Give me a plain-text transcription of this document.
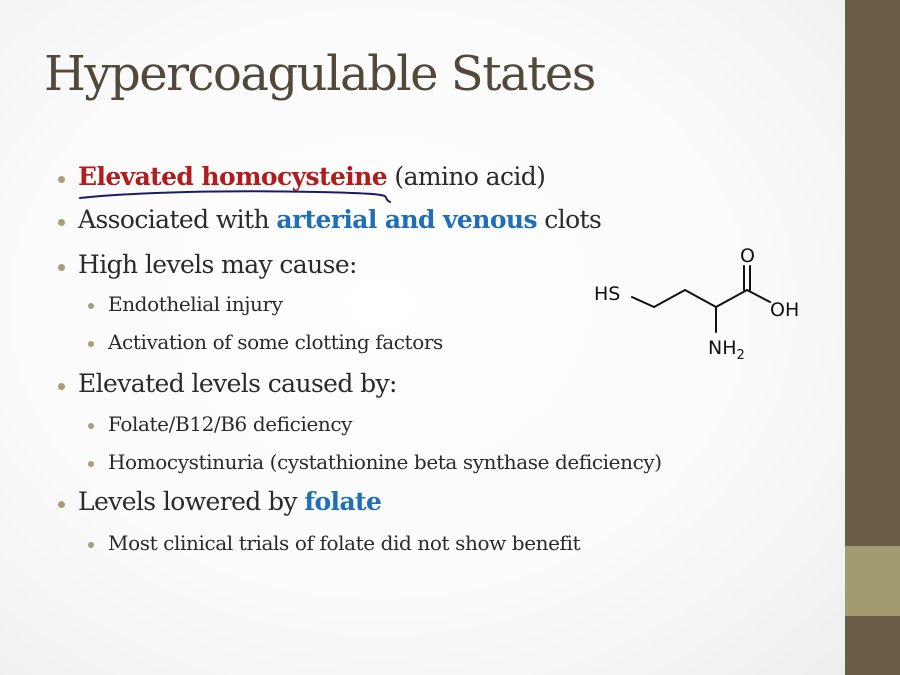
Hypercoagulable States
Elevated homocysteine (amino acid)
Associated with arterial and venous clots
High levels may cause:
Endothelial injury
Activation of some clotting factors
Elevated levels caused by:
Folate/B12/B6 deficiency
Homocystinuria (cystathionine beta synthase deficiency)
Levels lowered by folate
Most clinical trials of folate did not show benefit
HS
O
OH
$NH_2$
